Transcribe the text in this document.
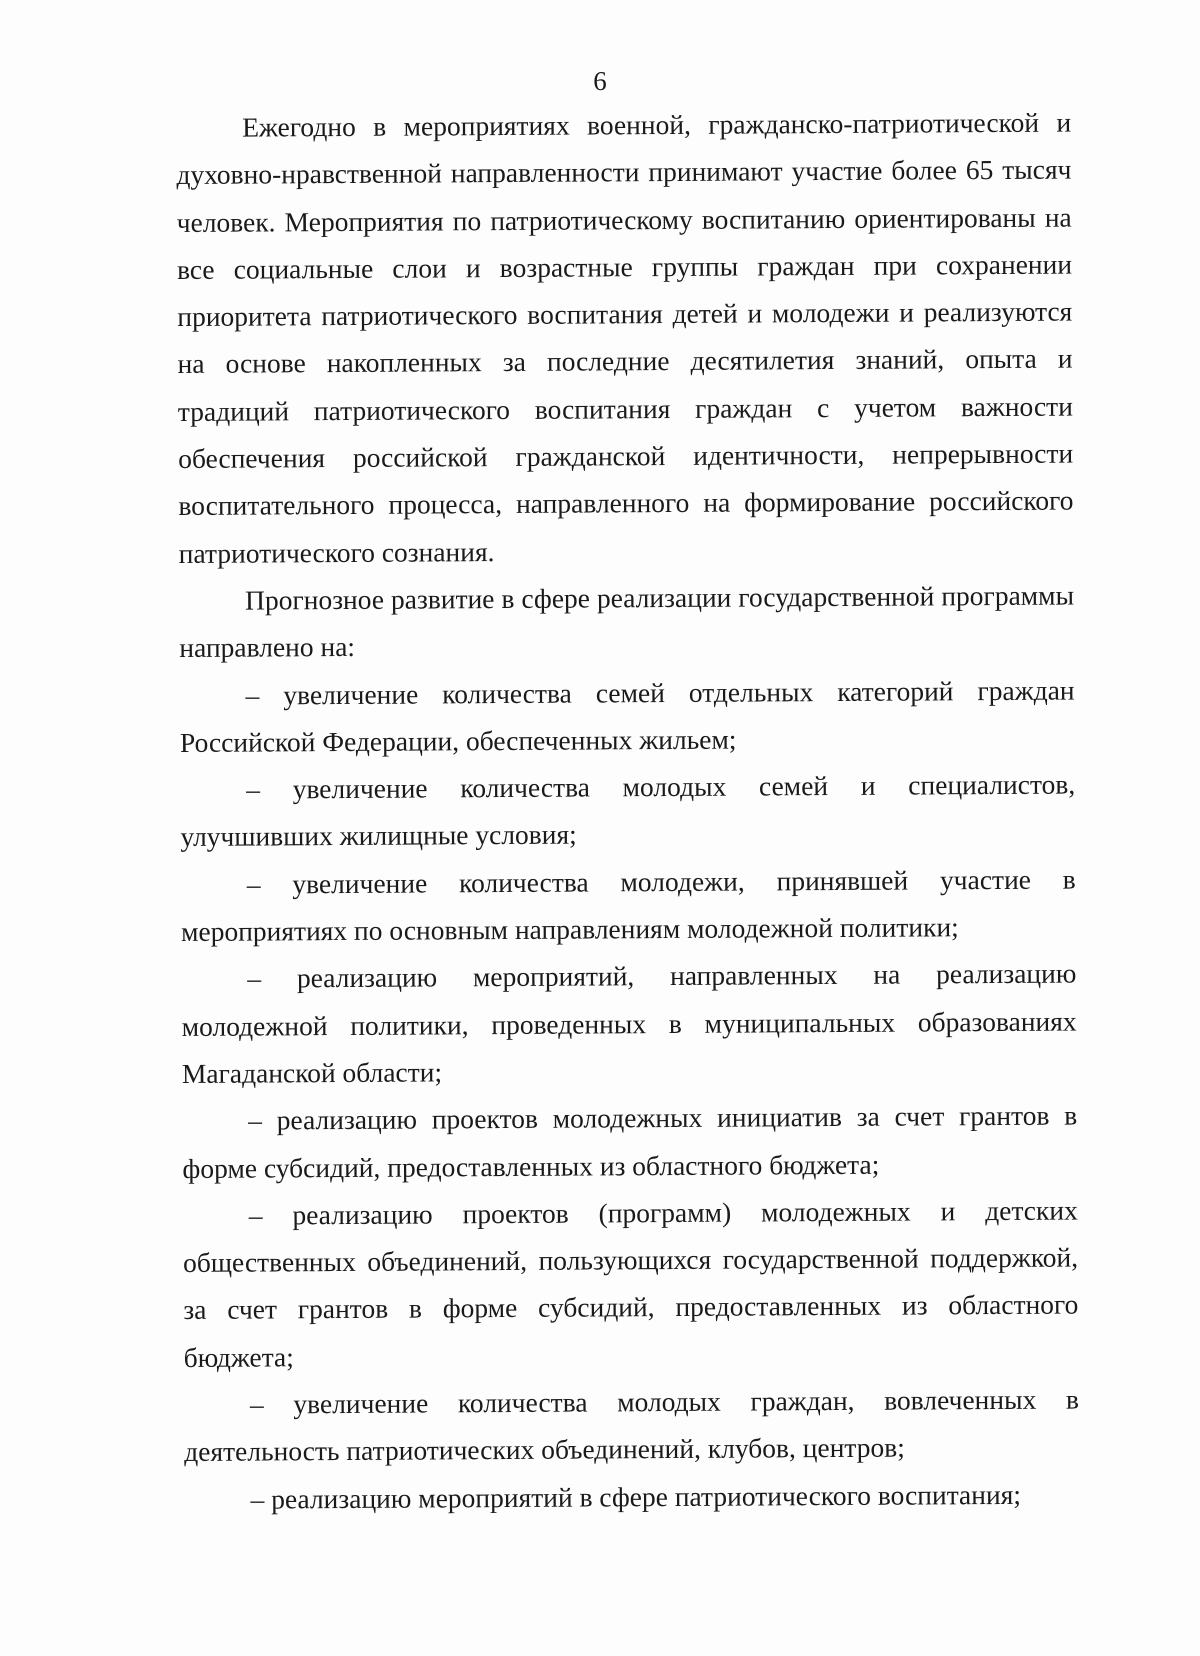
6

Ежегодно в мероприятиях военной, гражданско-патриотической и духовно-нравственной направленности принимают участие более 65 тысяч человек. Мероприятия по патриотическому воспитанию ориентированы на все социальные слои и возрастные группы граждан при сохранении приоритета патриотического воспитания детей и молодежи и реализуются на основе накопленных за последние десятилетия знаний, опыта и традиций патриотического воспитания граждан с учетом важности обеспечения российской гражданской идентичности, непрерывности воспитательного процесса, направленного на формирование российского патриотического сознания.

Прогнозное развитие в сфере реализации государственной программы направлено на:

– увеличение количества семей отдельных категорий граждан Российской Федерации, обеспеченных жильем;

– увеличение количества молодых семей и специалистов, улучшивших жилищные условия;

– увеличение количества молодежи, принявшей участие в мероприятиях по основным направлениям молодежной политики;

– реализацию мероприятий, направленных на реализацию молодежной политики, проведенных в муниципальных образованиях Магаданской области;

– реализацию проектов молодежных инициатив за счет грантов в форме субсидий, предоставленных из областного бюджета;

– реализацию проектов (программ) молодежных и детских общественных объединений, пользующихся государственной поддержкой, за счет грантов в форме субсидий, предоставленных из областного бюджета;

– увеличение количества молодых граждан, вовлеченных в деятельность патриотических объединений, клубов, центров;

– реализацию мероприятий в сфере патриотического воспитания;
